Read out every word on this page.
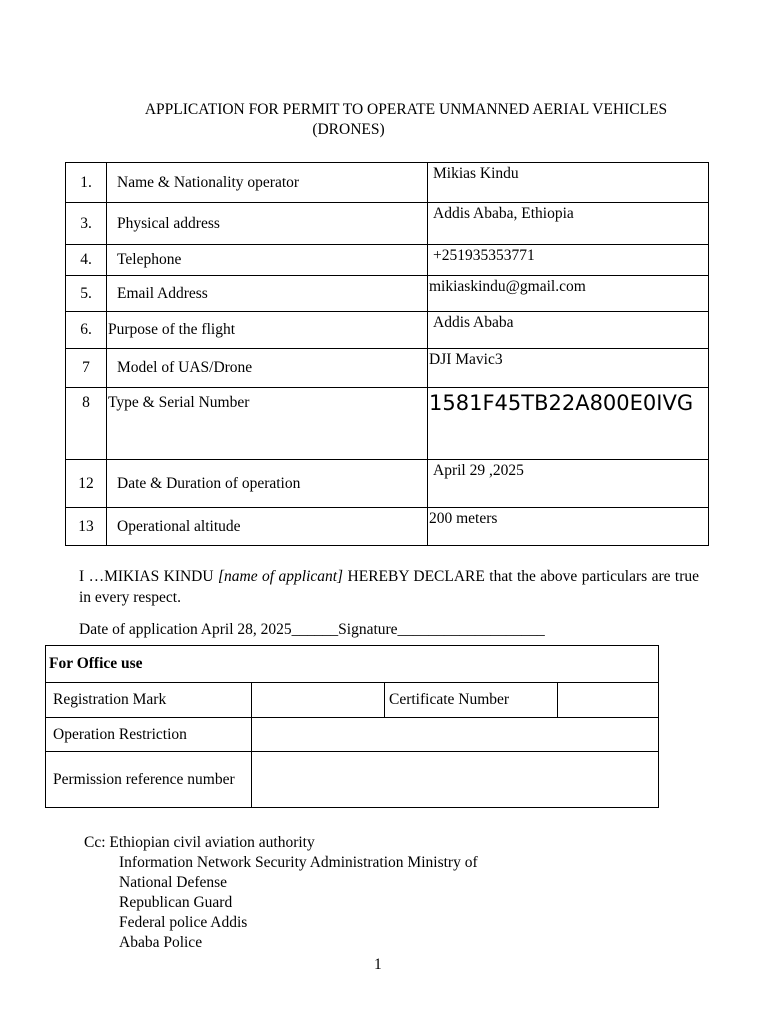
APPLICATION FOR PERMIT TO OPERATE UNMANNED AERIAL VEHICLES
(DRONES)
1.	Name & Nationality operator	Mikias Kindu
3.	Physical address	Addis Ababa, Ethiopia
4.	Telephone	+251935353771
5.	Email Address	mikiaskindu@gmail.com
6.	Purpose of the flight	Addis Ababa
7	Model of UAS/Drone	DJI Mavic3
8	Type & Serial Number	1581F45TB22A800E0IVG
12	Date & Duration of operation	April 29 ,2025
13	Operational altitude	200 meters
I …MIKIAS KINDU [name of applicant] HEREBY DECLARE that the above particulars are true in every respect.
Date of application April 28, 2025______Signature___________________
For Office use			
Registration Mark		Certificate Number	
Operation Restriction			
Permission reference number			
Cc: Ethiopian civil aviation authority
Information Network Security Administration Ministry of
National Defense
Republican Guard
Federal police Addis
Ababa Police
1
